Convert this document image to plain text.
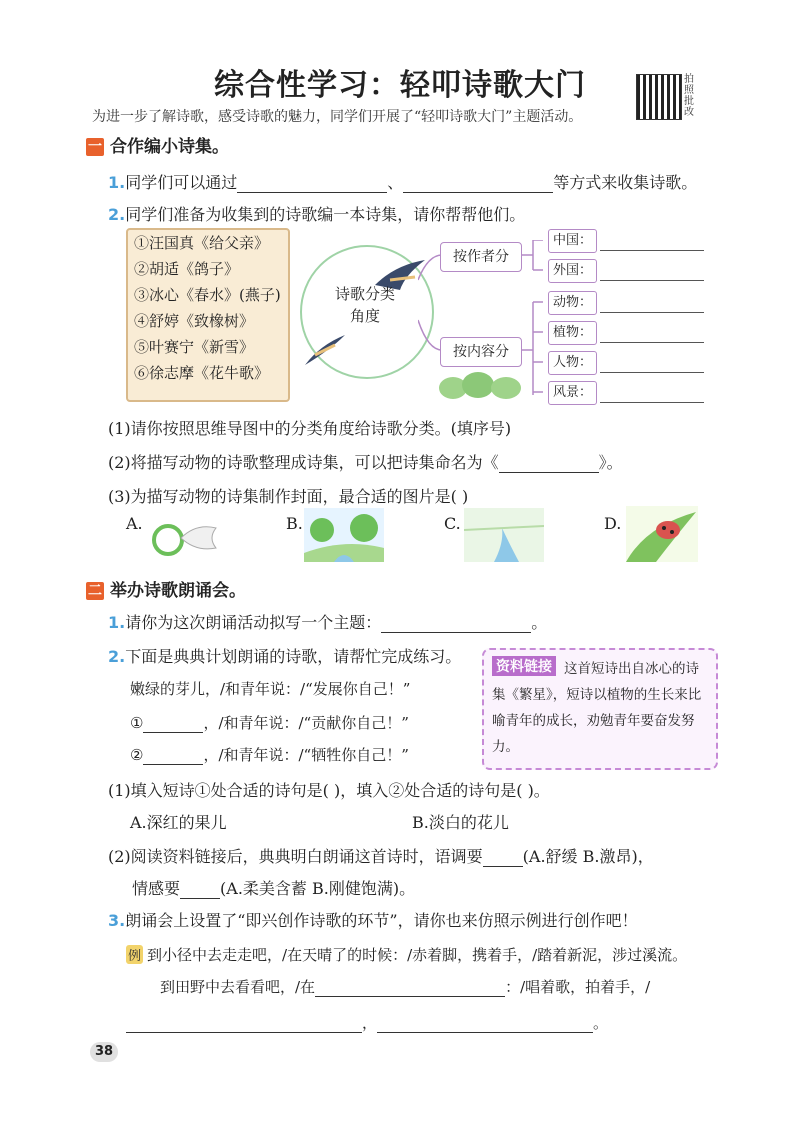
综合性学习：轻叩诗歌大门
为进一步了解诗歌，感受诗歌的魅力，同学们开展了“轻叩诗歌大门”主题活动。
拍照批改
一 合作编小诗集。
1.同学们可以通过	、	等方式来收集诗歌。
2.同学们准备为收集到的诗歌编一本诗集，请你帮帮他们。
①汪国真《给父亲》
②胡适《鸽子》
③冰心《春水》(燕子)
④舒婷《致橡树》
⑤叶赛宁《新雪》
⑥徐志摩《花牛歌》
诗歌分类
角度
按作者分
按内容分
中国：
外国：
动物：
植物：
人物：
风景：
(1)请你按照思维导图中的分类角度给诗歌分类。(填序号)
(2)将描写动物的诗歌整理成诗集，可以把诗集命名为《	》。
(3)为描写动物的诗集制作封面，最合适的图片是( )
A.	B.	C.	D.
二 举办诗歌朗诵会。
1.请你为这次朗诵活动拟写一个主题：	。
2.下面是典典计划朗诵的诗歌，请帮忙完成练习。
嫩绿的芽儿，/和青年说：/“发展你自己！”
①	，/和青年说：/“贡献你自己！”
②	，/和青年说：/“牺牲你自己！”
这首短诗出自冰心的诗集《繁星》，短诗以植物的生长来比喻青年的成长，劝勉青年要奋发努力。
资料链接
(1)填入短诗①处合适的诗句是( )，填入②处合适的诗句是( )。
A.深红的果儿	B.淡白的花儿
(2)阅读资料链接后，典典明白朗诵这首诗时，语调要	(A.舒缓 B.激昂)，
情感要	(A.柔美含蓄 B.刚健饱满)。
3.朗诵会上设置了“即兴创作诗歌的环节”，请你也来仿照示例进行创作吧！
例 到小径中去走走吧，/在天晴了的时候：/赤着脚，携着手，/踏着新泥，涉过溪流。
到田野中去看看吧，/在	：/唱着歌，拍着手，/
，	。
38
